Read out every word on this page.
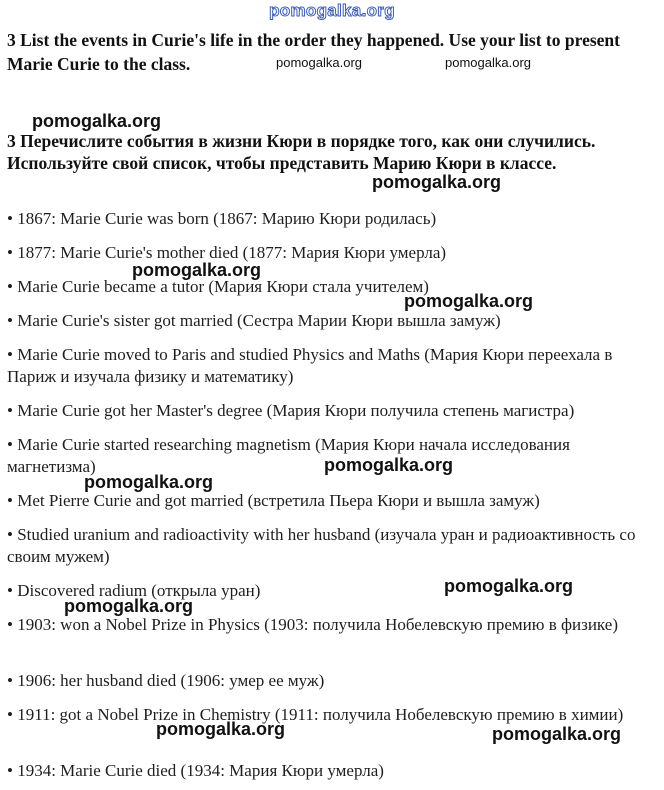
pomogalka.org
3 List the events in Curie's life in the order they happened. Use your list to present Marie Curie to the class.	pomogalka.org	pomogalka.org
3 Перечислите события в жизни Кюри в порядке того, как они случились. Используйте свой список, чтобы представить Марию Кюри в классе.
• 1867: Marie Curie was born (1867: Марию Кюри родилась)
• 1877: Marie Curie's mother died (1877: Мария Кюри умерла)
• Marie Curie became a tutor (Мария Кюри стала учителем)
• Marie Curie's sister got married (Сестра Марии Кюри вышла замуж)
• Marie Curie moved to Paris and studied Physics and Maths (Мария Кюри переехала в Париж и изучала физику и математику)
• Marie Curie got her Master's degree (Мария Кюри получила степень магистра)
• Marie Curie started researching magnetism (Мария Кюри начала исследования магнетизма)
• Met Pierre Curie and got married (встретила Пьера Кюри и вышла замуж)
• Studied uranium and radioactivity with her husband (изучала уран и радиоактивность со своим мужем)
• Discovered radium (открыла уран)
• 1903: won a Nobel Prize in Physics (1903: получила Нобелевскую премию в физике)
• 1906: her husband died (1906: умер ее муж)
• 1911: got a Nobel Prize in Chemistry (1911: получила Нобелевскую премию в химии)
• 1934: Marie Curie died (1934: Мария Кюри умерла)
pomogalka.org
pomogalka.org
pomogalka.org
pomogalka.org
pomogalka.org
pomogalka.org
pomogalka.org
pomogalka.org
pomogalka.org	pomogalka.org
